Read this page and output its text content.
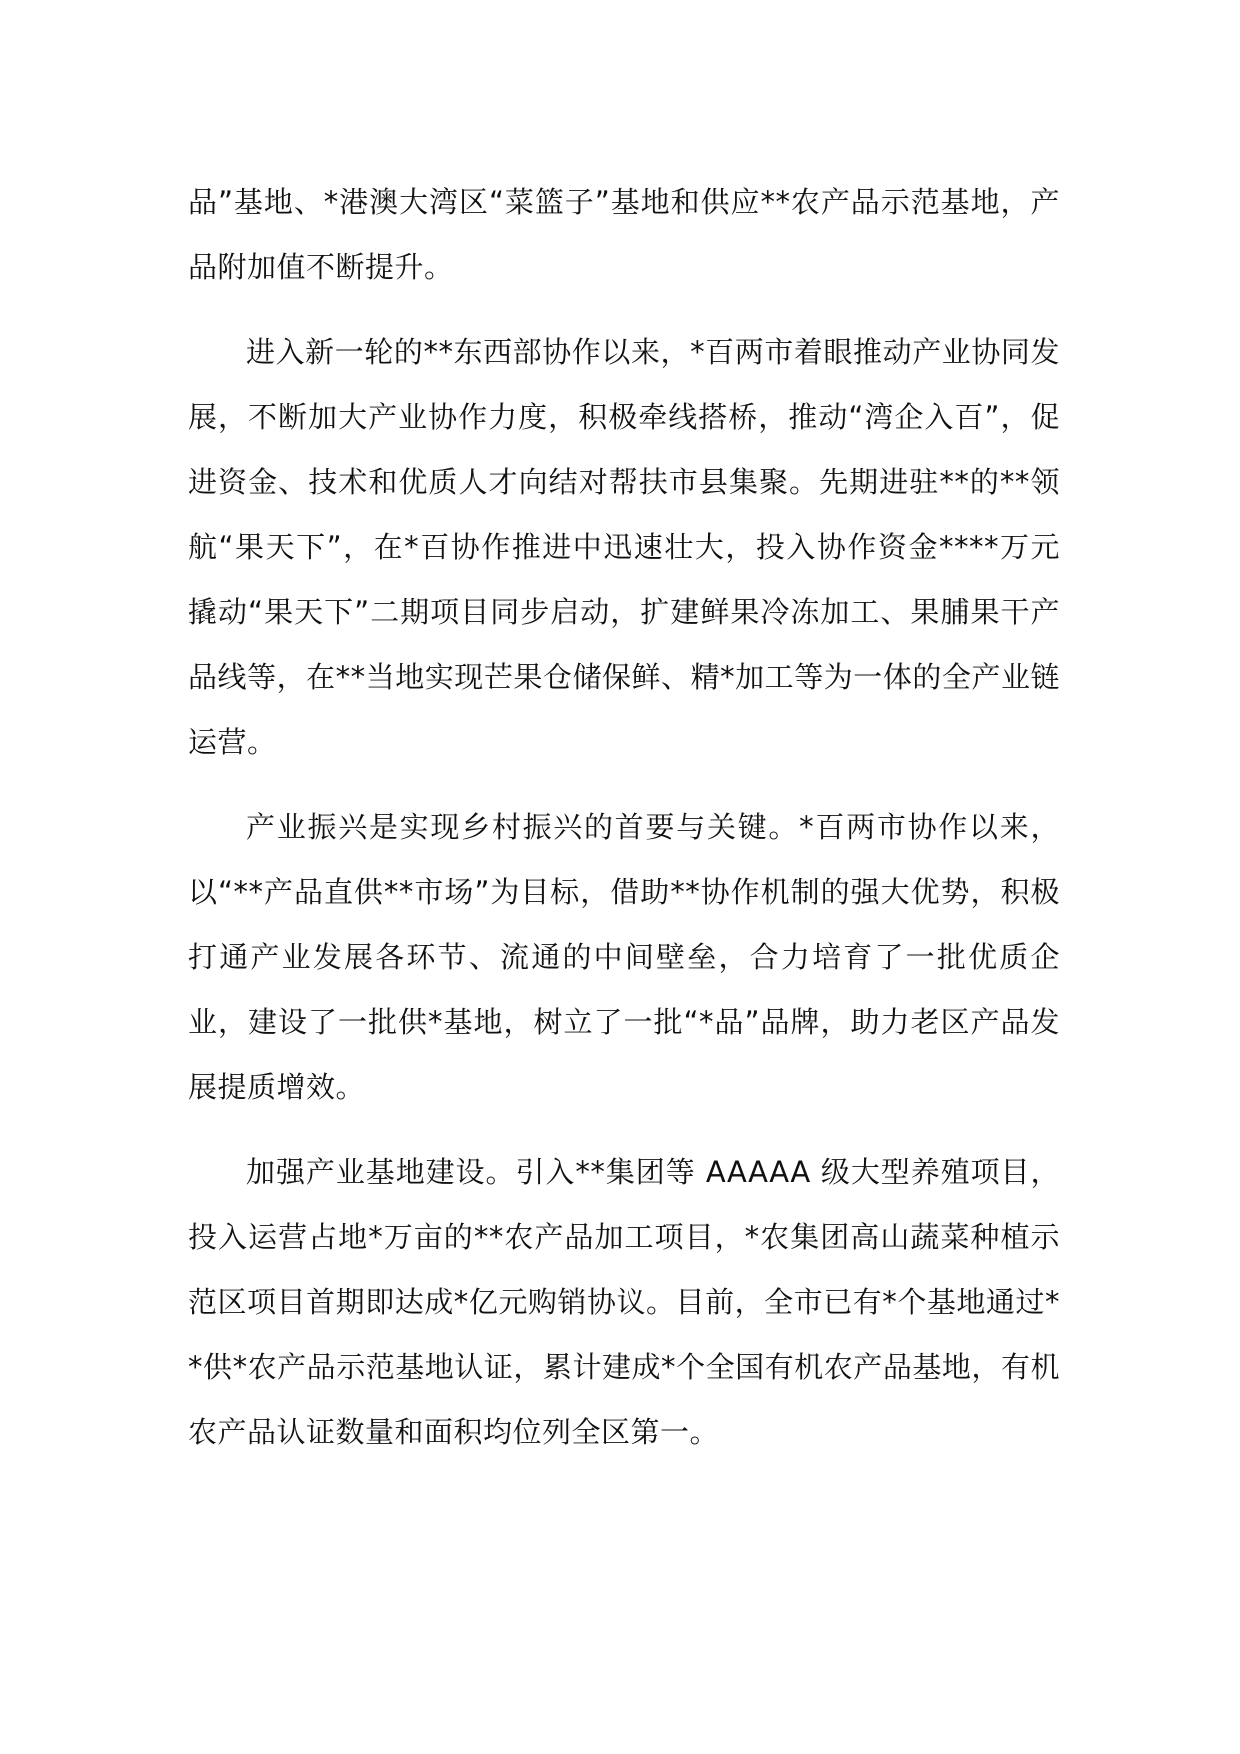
品”基地、*港澳大湾区“菜篮子”基地和供应**农产品示范基地，产品附加值不断提升。

进入新一轮的**东西部协作以来，*百两市着眼推动产业协同发展，不断加大产业协作力度，积极牵线搭桥，推动“湾企入百”，促进资金、技术和优质人才向结对帮扶市县集聚。先期进驻**的**领航“果天下”，在*百协作推进中迅速壮大，投入协作资金****万元撬动“果天下”二期项目同步启动，扩建鲜果冷冻加工、果脯果干产品线等，在**当地实现芒果仓储保鲜、精*加工等为一体的全产业链运营。

产业振兴是实现乡村振兴的首要与关键。*百两市协作以来，以“**产品直供**市场”为目标，借助**协作机制的强大优势，积极打通产业发展各环节、流通的中间壁垒，合力培育了一批优质企业，建设了一批供*基地，树立了一批“*品”品牌，助力老区产品发展提质增效。

加强产业基地建设。引入**集团等 AAAAA 级大型养殖项目，投入运营占地*万亩的**农产品加工项目，*农集团高山蔬菜种植示范区项目首期即达成*亿元购销协议。目前，全市已有*个基地通过**供*农产品示范基地认证，累计建成*个全国有机农产品基地，有机农产品认证数量和面积均位列全区第一。
